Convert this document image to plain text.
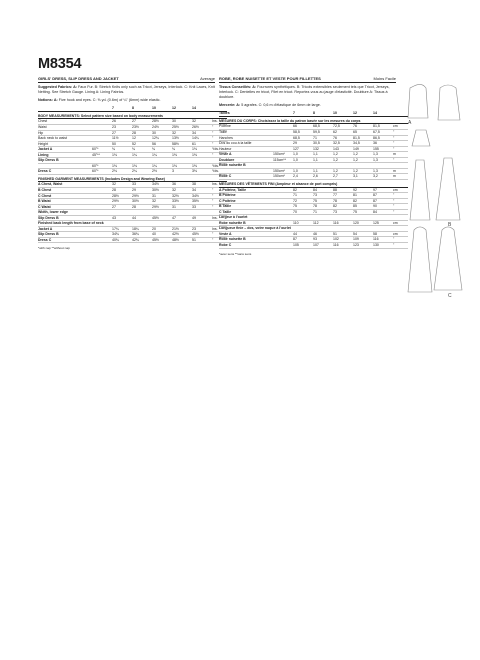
M8354
GIRLS' DRESS, SLIP DRESS AND JACKET	Average
Suggested Fabrics: A: Faux Fur. B: Stretch Knits only such as Tricot, Jerseys, Interlock. C: Knit Laces, Knit Netting. See Stretch Gauge. Lining A: Lining Fabrics.
Notions: A: Five hook and eyes. C: ⅝ yd. (0.6m) of ¼" (6mm) wide elastic.
		7	8	10	12	14	
BODY MEASUREMENTS: Select pattern size based on body measurements							
Chest		26	27	28½	30	32	Ins.
Waist		23	23½	24½	25½	26½	"
Hip		27	28	30	32	34	"
Back neck to waist		11½	12	12¾	13½	14¼	"
Height		50	52	56	58½	61	"
Jacket A	60"*	¾	¾	¾	¾	1⅛	Yds.
Lining	45"**	1⅛	1¼	1¼	1⅜	1⅜	"
Slip Dress B							
	60"*	1⅛	1⅛	1¼	1⅛	1⅜	Yds.
Dress C	60"*	2⅛	2¼	2½	3	3⅛	Yds.
FINISHED GARMENT MEASUREMENTS (Includes Design and Wearing Ease)							
A Chest, Waist		32	33	34½	36	38	Ins.
B Chest		28	29	30½	32	34	"
C Chest		28½	29½	31	32½	34½	"
B Waist		29½	30½	32	33½	35½	"
C Waist		27	28	29½	31	33	"
Width, lower edge							
Slip Dress B		43	44	45½	47	49	Ins.
Finished back length from base of neck							
Jacket A		17¼	18¼	20	21½	23	Ins.
Slip Dress B		34¾	36¾	40	42½	45½	"
Dress C		40¾	42¾	45½	48½	51	"
*with nap **without nap
ROBE, ROBE NUISETTE ET VESTE POUR FILLETTES	Moins Facile
Tissus Conseillés: A: Fourrures synthétiques. B: Tricots extensibles seulement tels que Tricot, Jerseys, Interlock. C: Dentelles en tricot, Filet en tricot. Reportez-vous au jauge d'elasticité. Doublure A: Tissus à doublure.
Mercerie: A: 5 agrafes. C: 0,6 m d'élastique de 6mm de large.
Tailles		7	8	10	12	14	
MESURES DU CORPS: Choisissez la taille du patron basée sur les mesures du corps							
Poitrine		66	68,5	72,5	76	81,5	cm
Taille		58,5	59,5	62	65	67,5	"
Hanches		68,5	71	76	81,5	86,5	"
Dos du cou à la taille		29	30,5	32,5	34,5	36	"
Hauteur		127	132	143	149	155	"
Veste A	150cm*	1,0	1,1	1,2	1,2	1,3	m
Doublure	115cm**	1,0	1,1	1,2	1,2	1,3	"
Robe nuisette B							
	150cm*	1,0	1,1	1,2	1,2	1,3	m
Robe C	150cm*	2,4	2,6	2,7	3,1	3,2	m
MESURES DES VÊTEMENTS FINI (Ampleur et aisance de port compris)							
A Poitrine, Taille		82	84	88	92	97	cm
B Poitrine		71	73	77	81	87	"
C Poitrine		72	75	78	82	87	"
B Taille		75	78	82	85	90	"
C Taille		70	71	73	75	84	"
Largeur à l'ourlet							
Robe nuisette B		110	112	116	120	125	cm
Longueur finie – dos, votre nuque à l'ourlet							
Veste A		44	46	51	54	58	cm
Robe nuisette B		87	93	102	109	116	"
Robe C		105	107	116	123	130	"
*avec sens **sans sens
A
B
C
